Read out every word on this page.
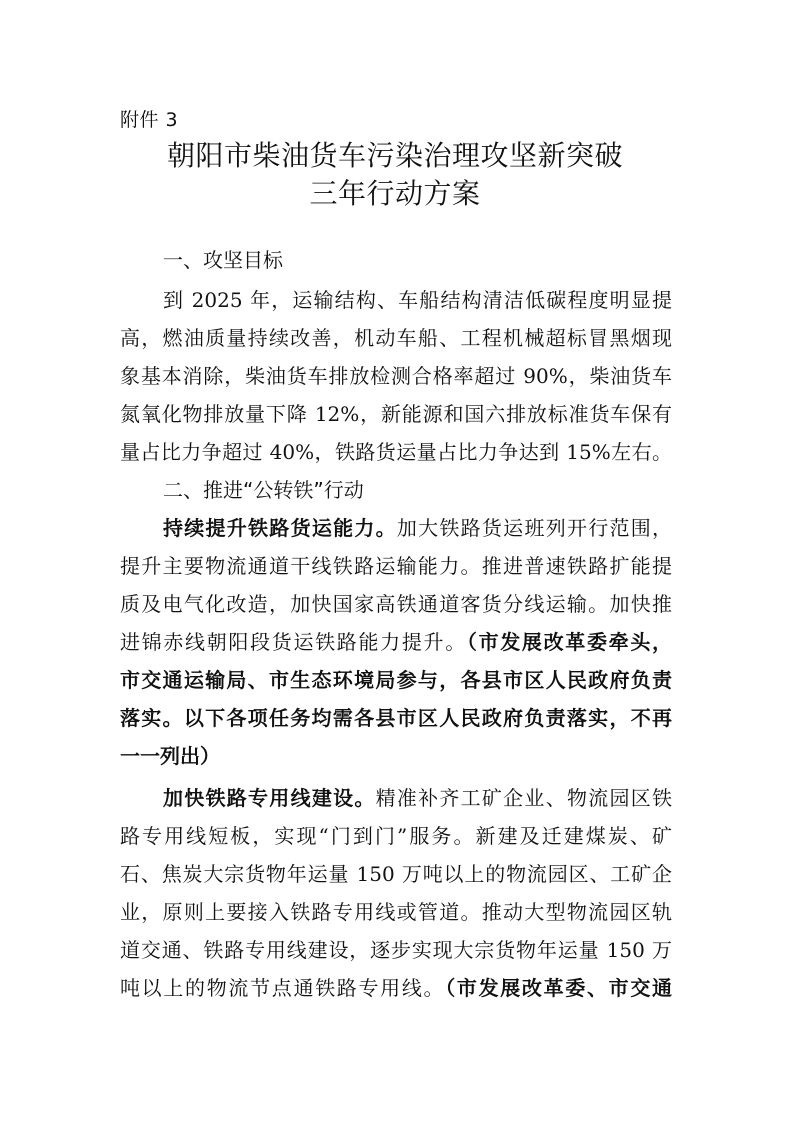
附件 3
朝阳市柴油货车污染治理攻坚新突破
三年行动方案
一、攻坚目标
到 2025 年，运输结构、车船结构清洁低碳程度明显提
高，燃油质量持续改善，机动车船、工程机械超标冒黑烟现
象基本消除，柴油货车排放检测合格率超过 90%，柴油货车
氮氧化物排放量下降 12%，新能源和国六排放标准货车保有
量占比力争超过 40%，铁路货运量占比力争达到 15%左右。
二、推进“公转铁”行动
持续提升铁路货运能力。加大铁路货运班列开行范围，
提升主要物流通道干线铁路运输能力。推进普速铁路扩能提
质及电气化改造，加快国家高铁通道客货分线运输。加快推
进锦赤线朝阳段货运铁路能力提升。（市发展改革委牵头，
市交通运输局、市生态环境局参与，各县市区人民政府负责
落实。以下各项任务均需各县市区人民政府负责落实，不再
一一列出）
加快铁路专用线建设。精准补齐工矿企业、物流园区铁
路专用线短板，实现“门到门”服务。新建及迁建煤炭、矿
石、焦炭大宗货物年运量 150 万吨以上的物流园区、工矿企
业，原则上要接入铁路专用线或管道。推动大型物流园区轨
道交通、铁路专用线建设，逐步实现大宗货物年运量 150 万
吨以上的物流节点通铁路专用线。（市发展改革委、市交通
